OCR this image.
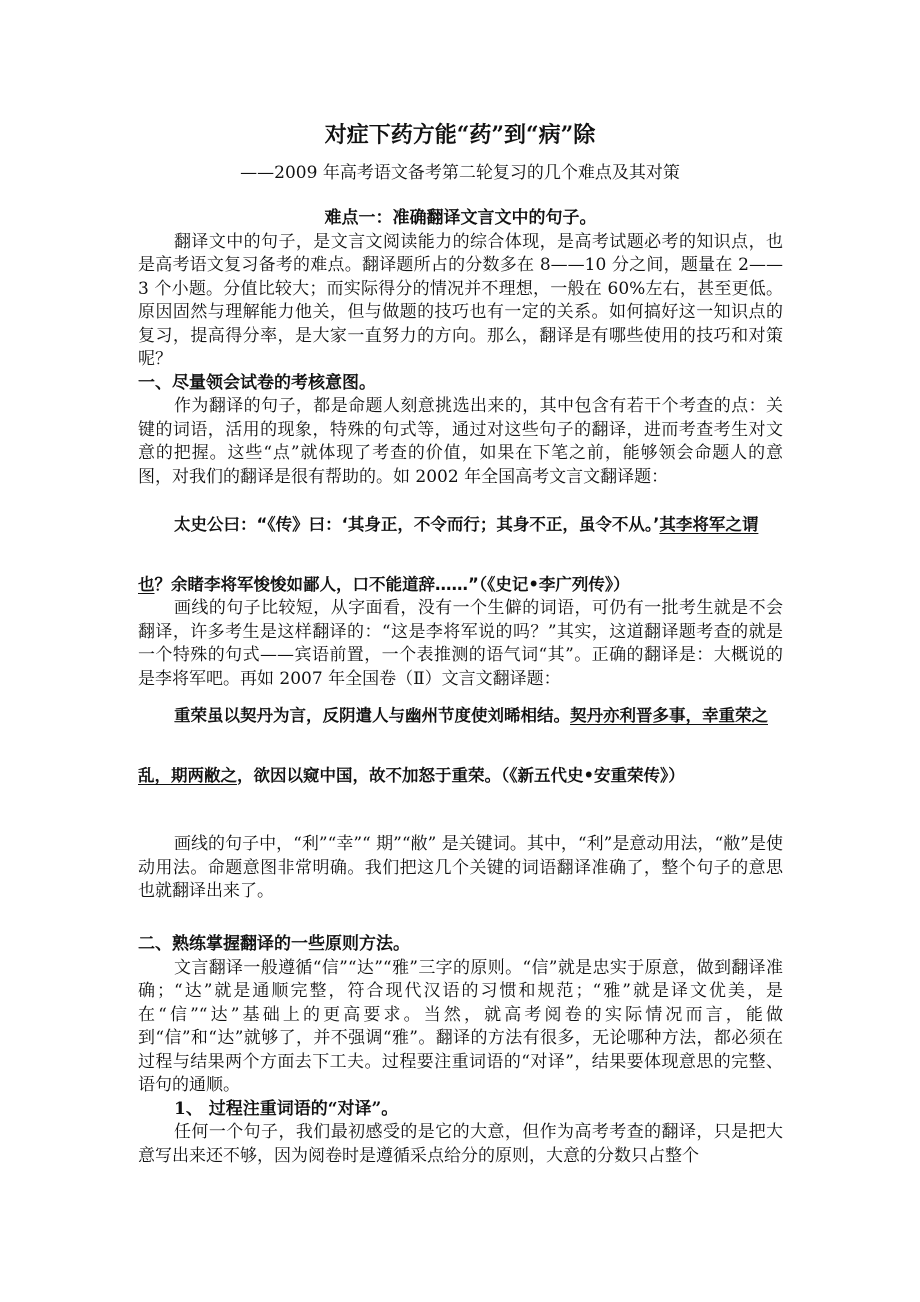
对症下药方能“药”到“病”除
——2009 年高考语文备考第二轮复习的几个难点及其对策
难点一：准确翻译文言文中的句子。
翻译文中的句子，是文言文阅读能力的综合体现，是高考试题必考的知识点，也是高考语文复习备考的难点。翻译题所占的分数多在 8——10 分之间，题量在 2——3 个小题。分值比较大；而实际得分的情况并不理想，一般在 60%左右，甚至更低。原因固然与理解能力他关，但与做题的技巧也有一定的关系。如何搞好这一知识点的复习，提高得分率，是大家一直努力的方向。那么，翻译是有哪些使用的技巧和对策呢？
一、尽量领会试卷的考核意图。
作为翻译的句子，都是命题人刻意挑选出来的，其中包含有若干个考查的点：关键的词语，活用的现象，特殊的句式等，通过对这些句子的翻译，进而考查考生对文意的把握。这些“点”就体现了考查的价值，如果在下笔之前，能够领会命题人的意图，对我们的翻译是很有帮助的。如 2002 年全国高考文言文翻译题：
太史公曰：“《传》曰：‘其身正，不令而行；其身不正，虽令不从。’其李将军之谓也？余睹李将军悛悛如鄙人，口不能道辞……”（《史记•李广列传》）
画线的句子比较短，从字面看，没有一个生僻的词语，可仍有一批考生就是不会翻译，许多考生是这样翻译的：“这是李将军说的吗？”其实，这道翻译题考查的就是一个特殊的句式——宾语前置，一个表推测的语气词“其”。正确的翻译是：大概说的是李将军吧。再如 2007 年全国卷（Ⅱ）文言文翻译题：
重荣虽以契丹为言，反阴遣人与幽州节度使刘晞相结。契丹亦利晋多事，幸重荣之乱，期两敝之，欲因以窥中国，故不加怒于重荣。（《新五代史•安重荣传》）
画线的句子中，“利”“幸”“ 期”“敝” 是关键词。其中，“利”是意动用法，“敝”是使动用法。命题意图非常明确。我们把这几个关键的词语翻译准确了，整个句子的意思也就翻译出来了。
二、熟练掌握翻译的一些原则方法。
文言翻译一般遵循“信”“达”“雅”三字的原则。“信”就是忠实于原意，做到翻译准确；“达”就是通顺完整，符合现代汉语的习惯和规范；“雅”就是译文优美，是在“信”“达”基础上的更高要求。当然，就高考阅卷的实际情况而言，能做到“信”和“达”就够了，并不强调“雅”。翻译的方法有很多，无论哪种方法，都必须在过程与结果两个方面去下工夫。过程要注重词语的“对译”，结果要体现意思的完整、语句的通顺。
1、 过程注重词语的“对译”。
任何一个句子，我们最初感受的是它的大意，但作为高考考查的翻译，只是把大意写出来还不够，因为阅卷时是遵循采点给分的原则，大意的分数只占整个
